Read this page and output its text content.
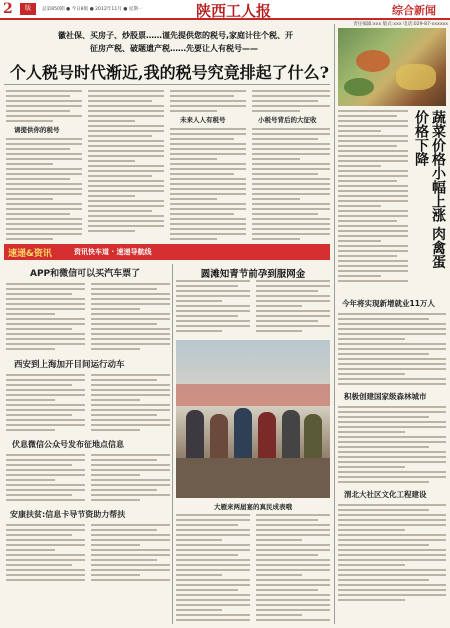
2	版	总第850期 ● 今日8版 ● 2012年11月 ● 星期一	陕西工人报	综合新闻
责任编辑:xxx 版式:xxx 电话:029-87-xxxxxx
徽社保、买房子、炒股票……谨先提供您的税号,家庭计往个税、开
征房产税、破题遗产税……先要让人有税号——
个人税号时代渐近,我的税号究竟排起了什么?
请提供你的税号
未来人人有税号	小税号背后的大征收	蔬菜价格小幅上涨 肉禽蛋价格下降
速递&资讯	资讯快车道 · 速递导航线
APP和微信可以买汽车票了
西安到上海加开目间运行动车
伏息微信公众号发布征地点信息
安康扶贫:信息卡导节资助力帮扶
圆滩知青节前孕到服网金
大雁来两届宴的真民成表哦
今年将实现新增就业11万人
积极创建国家级森林城市
渭北大社区文化工程建设
